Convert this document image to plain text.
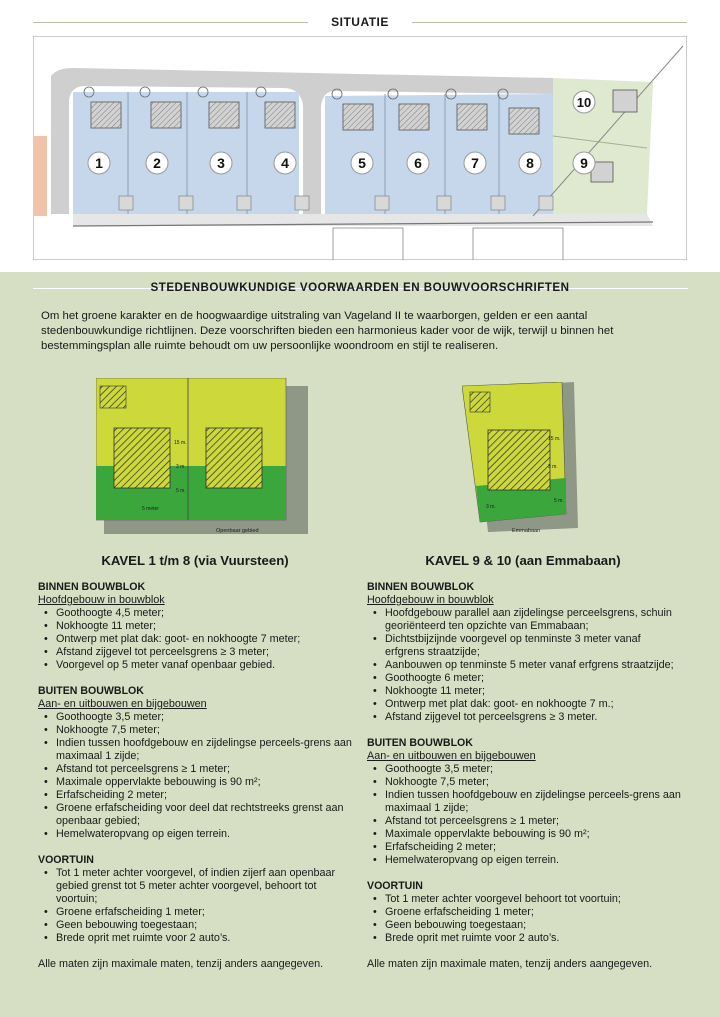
SITUATIE
1	2	3	4	5	6	7	8	9
10
STEDENBOUWKUNDIGE VOORWAARDEN EN BOUWVOORSCHRIFTEN
Om het groene karakter en de hoogwaardige uitstraling van Vageland II te waarborgen, gelden er een aantal stedenbouwkundige richtlijnen. Deze voorschriften bieden een harmonieus kader voor de wijk, terwijl u binnen het bestemmingsplan alle ruimte behoudt om uw persoonlijke woondroom en stijl te realiseren.
15 m.
3 m.
5 m.
5 meter
Openbaar gebied
15 m.
3 m.
3 m.
5 m.
Emmabaan
KAVEL 1 t/m 8 (via Vuursteen)	KAVEL 9 & 10 (aan Emmabaan)
BINNEN BOUWBLOK
Hoofdgebouw in bouwblok
• Goothoogte 4,5 meter;
• Nokhoogte 11 meter;
• Ontwerp met plat dak: goot- en nokhoogte 7 meter;
• Afstand zijgevel tot perceelsgrens ≥ 3 meter;
• Voorgevel op 5 meter vanaf openbaar gebied.
BUITEN BOUWBLOK
Aan- en uitbouwen en bijgebouwen
• Goothoogte 3,5 meter;
• Nokhoogte 7,5 meter;
• Indien tussen hoofdgebouw en zijdelingse perceels-grens aan maximaal 1 zijde;
• Afstand tot perceelsgrens ≥ 1 meter;
• Maximale oppervlakte bebouwing is 90 m²;
• Erfafscheiding 2 meter;
• Groene erfafscheiding voor deel dat rechtstreeks grenst aan openbaar gebied;
• Hemelwateropvang op eigen terrein.
VOORTUIN
• Tot 1 meter achter voorgevel, of indien zijerf aan openbaar gebied grenst tot 5 meter achter voorgevel, behoort tot voortuin;
• Groene erfafscheiding 1 meter;
• Geen bebouwing toegestaan;
• Brede oprit met ruimte voor 2 auto’s.
Alle maten zijn maximale maten, tenzij anders aangegeven.
BINNEN BOUWBLOK
Hoofdgebouw in bouwblok
• Hoofdgebouw parallel aan zijdelingse perceelsgrens, schuin georiënteerd ten opzichte van Emmabaan;
• Dichtstbijzijnde voorgevel op tenminste 3 meter vanaf erfgrens straatzijde;
• Aanbouwen op tenminste 5 meter vanaf erfgrens straatzijde;
• Goothoogte 6 meter;
• Nokhoogte 11 meter;
• Ontwerp met plat dak: goot- en nokhoogte 7 m.;
• Afstand zijgevel tot perceelsgrens ≥ 3 meter.
BUITEN BOUWBLOK
Aan- en uitbouwen en bijgebouwen
• Goothoogte 3,5 meter;
• Nokhoogte 7,5 meter;
• Indien tussen hoofdgebouw en zijdelingse perceels-grens aan maximaal 1 zijde;
• Afstand tot perceelsgrens ≥ 1 meter;
• Maximale oppervlakte bebouwing is 90 m²;
• Erfafscheiding 2 meter;
• Hemelwateropvang op eigen terrein.
VOORTUIN
• Tot 1 meter achter voorgevel behoort tot voortuin;
• Groene erfafscheiding 1 meter;
• Geen bebouwing toegestaan;
• Brede oprit met ruimte voor 2 auto’s.
Alle maten zijn maximale maten, tenzij anders aangegeven.
